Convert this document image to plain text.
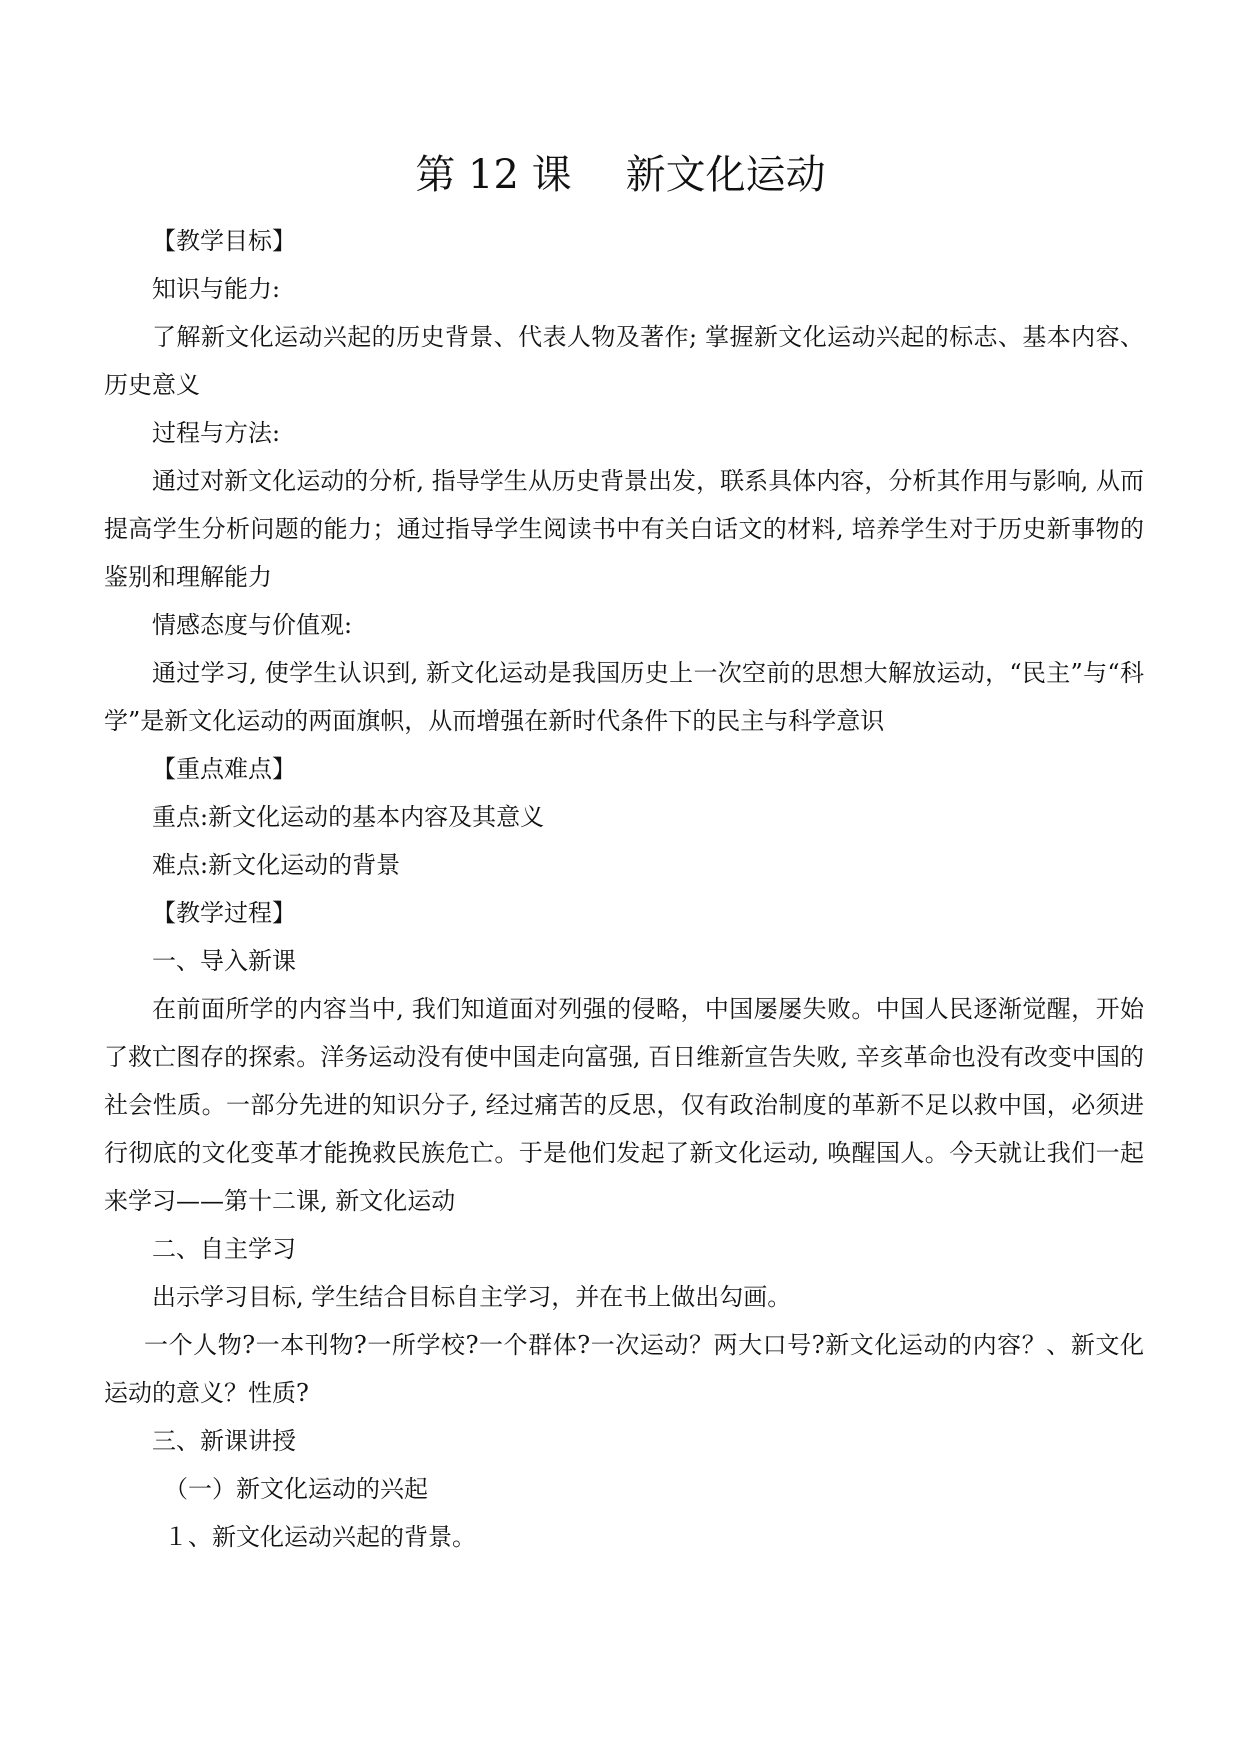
第 12 课 新文化运动

【教学目标】

知识与能力:

了解新文化运动兴起的历史背景、代表人物及著作; 掌握新文化运动兴起的标志、基本内容、历史意义

过程与方法:

通过对新文化运动的分析, 指导学生从历史背景出发，联系具体内容，分析其作用与影响, 从而提高学生分析问题的能力；通过指导学生阅读书中有关白话文的材料, 培养学生对于历史新事物的鉴别和理解能力

情感态度与价值观:

通过学习, 使学生认识到, 新文化运动是我国历史上一次空前的思想大解放运动，“民主”与“科学”是新文化运动的两面旗帜，从而增强在新时代条件下的民主与科学意识

【重点难点】

重点:新文化运动的基本内容及其意义

难点:新文化运动的背景

【教学过程】

一、导入新课

在前面所学的内容当中, 我们知道面对列强的侵略，中国屡屡失败。中国人民逐渐觉醒，开始了救亡图存的探索。洋务运动没有使中国走向富强, 百日维新宣告失败, 辛亥革命也没有改变中国的社会性质。一部分先进的知识分子, 经过痛苦的反思，仅有政治制度的革新不足以救中国，必须进行彻底的文化变革才能挽救民族危亡。于是他们发起了新文化运动, 唤醒国人。今天就让我们一起来学习——第十二课, 新文化运动

二、自主学习

出示学习目标, 学生结合目标自主学习，并在书上做出勾画。

一个人物?一本刊物?一所学校?一个群体?一次运动？两大口号?新文化运动的内容？、新文化运动的意义？性质?

三、新课讲授

（一）新文化运动的兴起

１、新文化运动兴起的背景。
